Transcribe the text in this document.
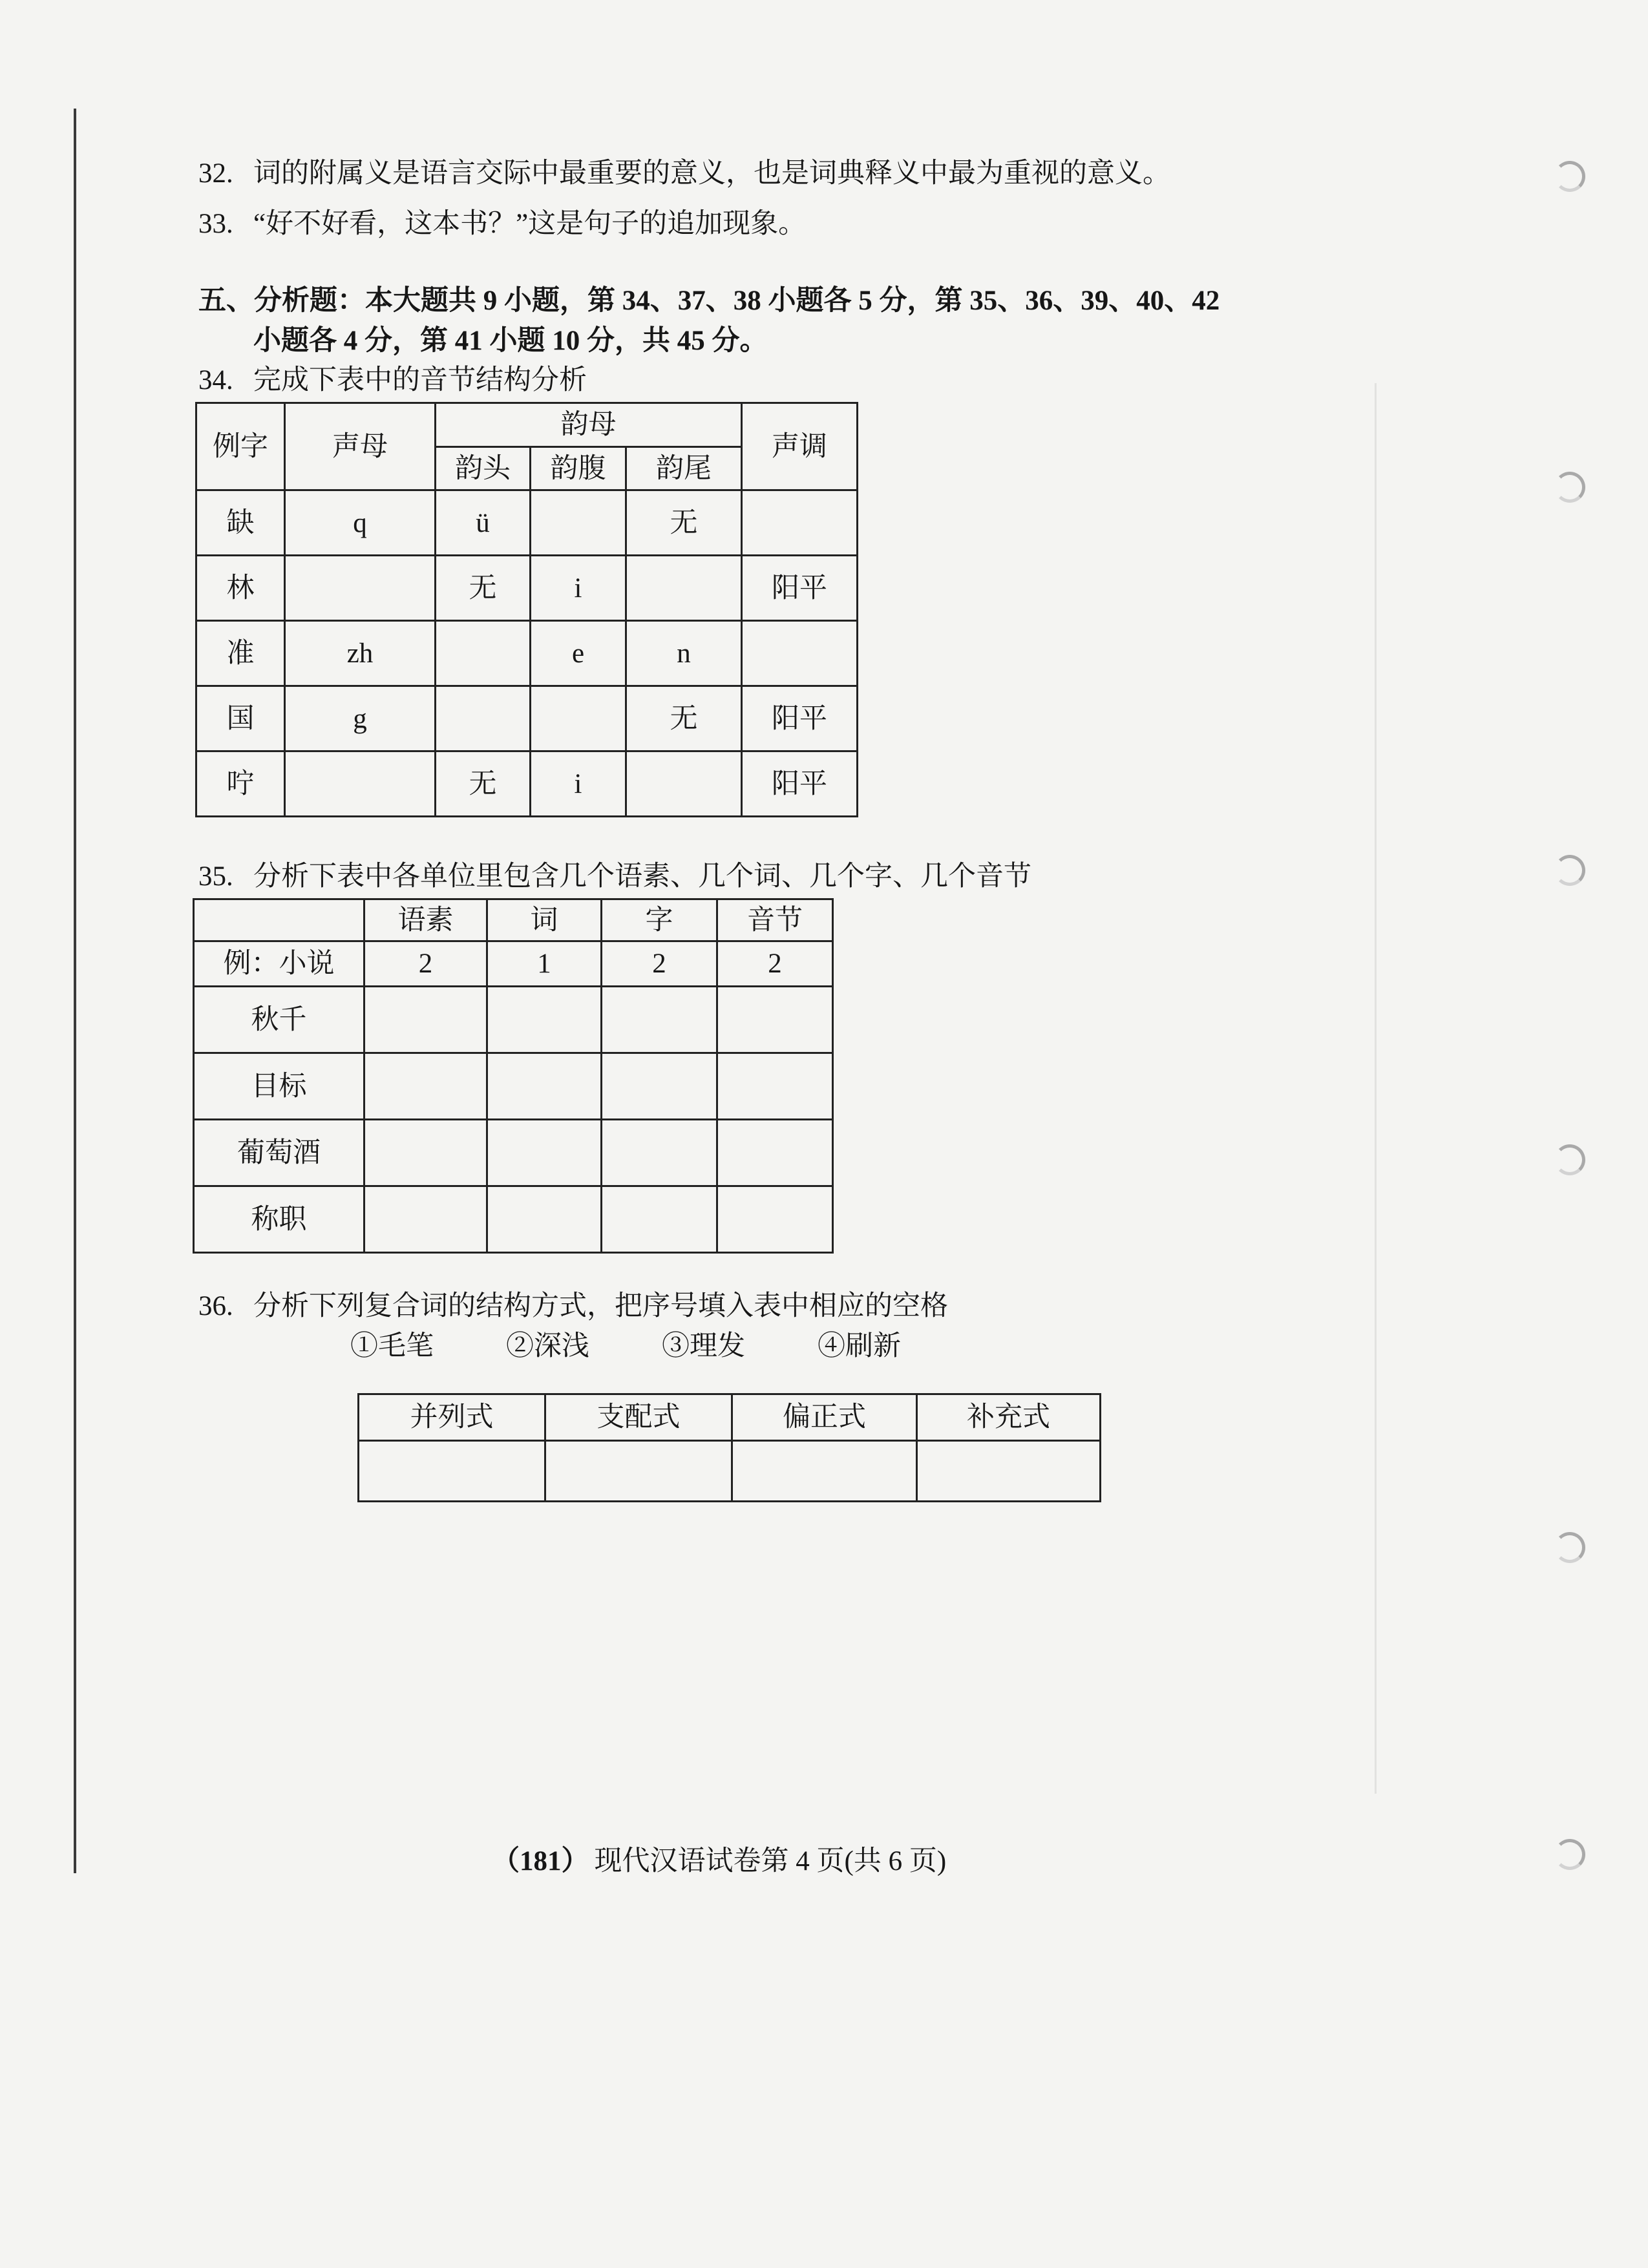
32. 词的附属义是语言交际中最重要的意义，也是词典释义中最为重视的意义。
33. “好不好看，这本书？”这是句子的追加现象。
五、分析题：本大题共 9 小题，第 34、37、38 小题各 5 分，第 35、36、39、40、42
小题各 4 分，第 41 小题 10 分，共 45 分。
34. 完成下表中的音节结构分析
例字	声母	韵母			声调
		韵头	韵腹	韵尾	
缺	q	ü		无	
林		无	i		阳平
准	zh		e	n	
国	g			无	阳平
咛		无	i		阳平
35. 分析下表中各单位里包含几个语素、几个词、几个字、几个音节
	语素	词	字	音节
例：小说	2	1	2	2
秋千				
目标				
葡萄酒				
称职				
36. 分析下列复合词的结构方式，把序号填入表中相应的空格
①毛笔	②深浅	③理发	④刷新
并列式	支配式	偏正式	补充式

（181） 现代汉语试卷第 4 页(共 6 页)
